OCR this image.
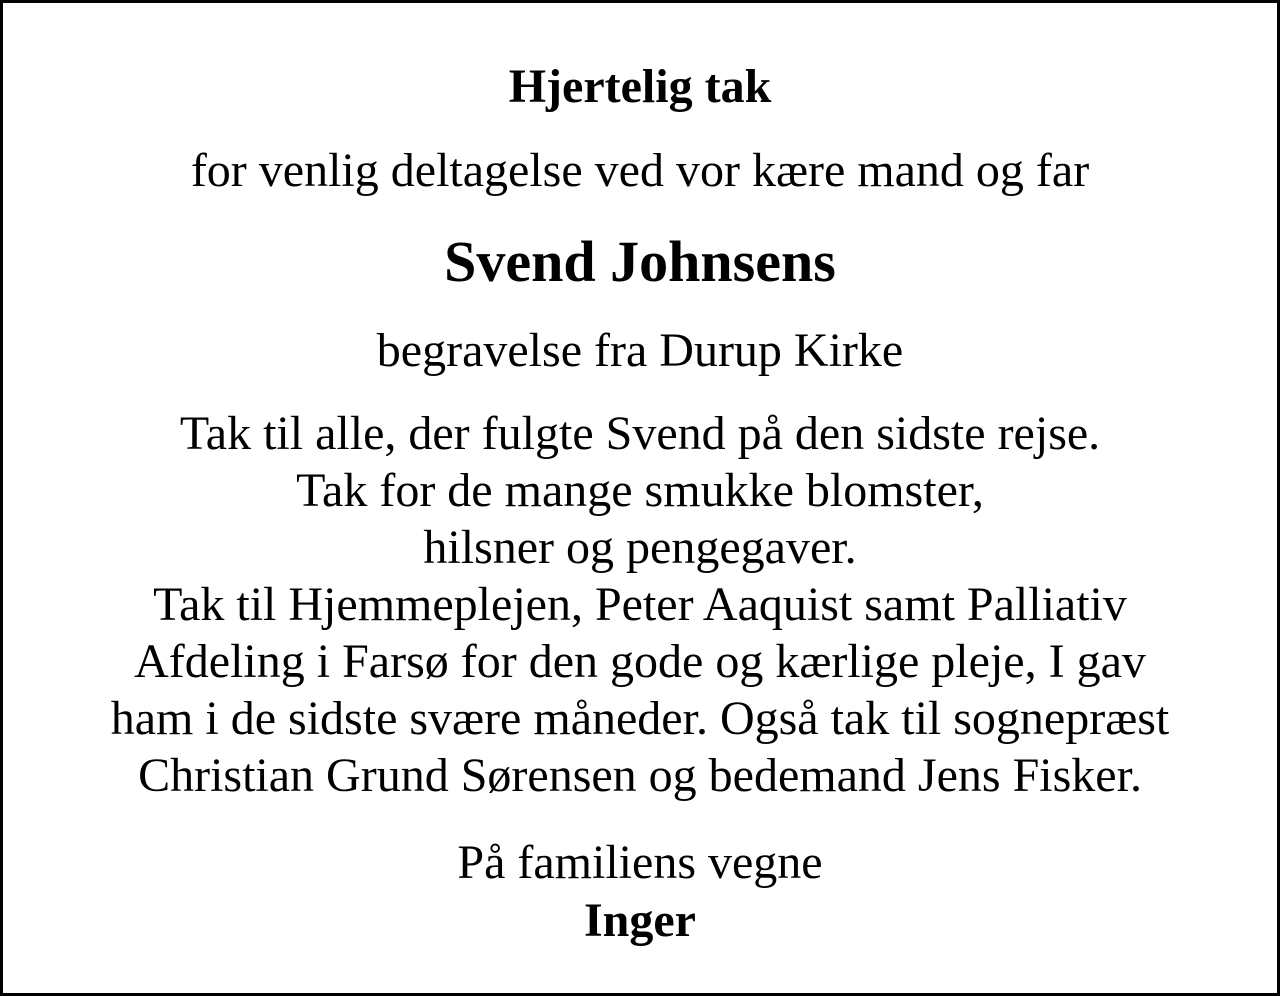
Hjertelig tak
for venlig deltagelse ved vor kære mand og far
Svend Johnsens
begravelse fra Durup Kirke
Tak til alle, der fulgte Svend på den sidste rejse.
Tak for de mange smukke blomster,
hilsner og pengegaver.
Tak til Hjemmeplejen, Peter Aaquist samt Palliativ
Afdeling i Farsø for den gode og kærlige pleje, I gav
ham i de sidste svære måneder. Også tak til sognepræst
Christian Grund Sørensen og bedemand Jens Fisker.
På familiens vegne
Inger
